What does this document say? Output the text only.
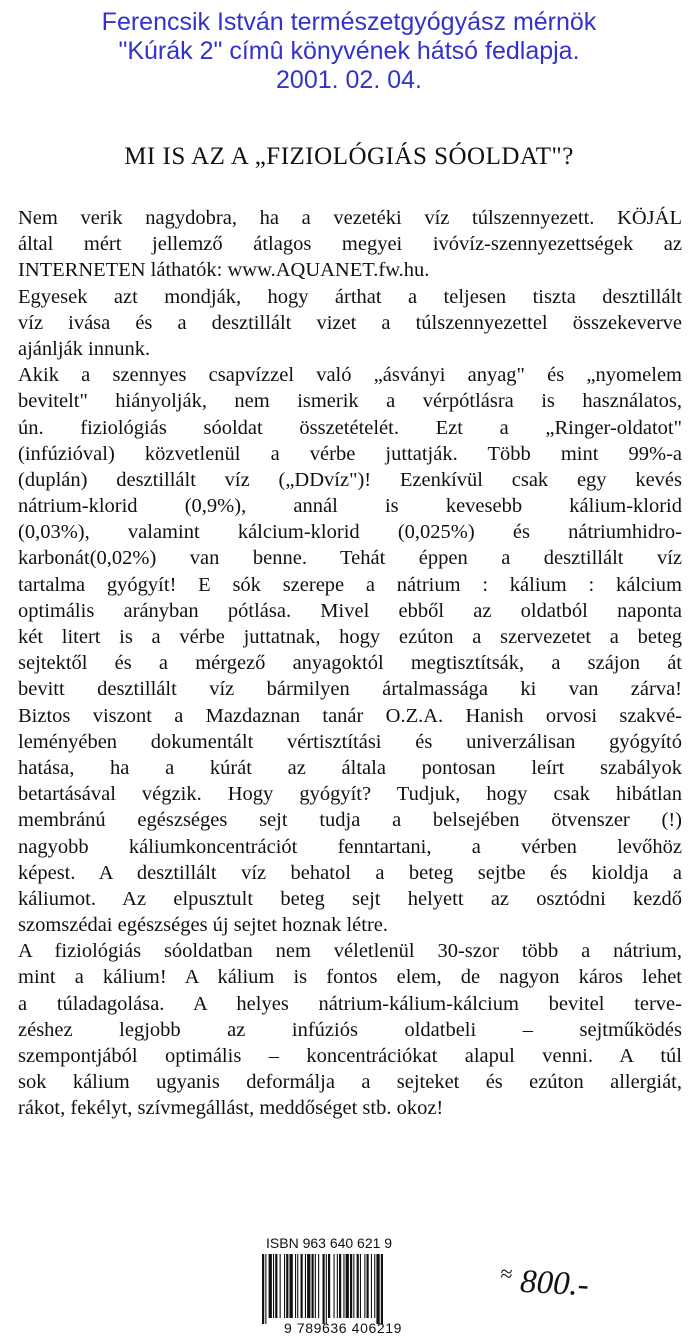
Ferencsik István természetgyógyász mérnök
"Kúrák 2" címû könyvének hátsó fedlapja.
2001. 02. 04.
MI IS AZ A „FIZIOLÓGIÁS SÓOLDAT"?
Nem verik nagydobra, ha a vezetéki víz túlszennyezett. KÖJÁL
által mért jellemző átlagos megyei ivóvíz-szennyezettségek az
INTERNETEN láthatók: www.AQUANET.fw.hu.
Egyesek azt mondják, hogy árthat a teljesen tiszta desztillált
víz ivása és a desztillált vizet a túlszennyezettel összekeverve
ajánlják innunk.
Akik a szennyes csapvízzel való „ásványi anyag" és „nyomelem
bevitelt" hiányolják, nem ismerik a vérpótlásra is használatos,
ún. fiziológiás sóoldat összetételét. Ezt a „Ringer-oldatot"
(infúzióval) közvetlenül a vérbe juttatják. Több mint 99%-a
(duplán) desztillált víz („DDvíz")! Ezenkívül csak egy kevés
nátrium-klorid (0,9%), annál is kevesebb kálium-klorid
(0,03%), valamint kálcium-klorid (0,025%) és nátriumhidro-
karbonát(0,02%) van benne. Tehát éppen a desztillált víz
tartalma gyógyít! E sók szerepe a nátrium : kálium : kálcium
optimális arányban pótlása. Mivel ebből az oldatból naponta
két litert is a vérbe juttatnak, hogy ezúton a szervezetet a beteg
sejtektől és a mérgező anyagoktól megtisztítsák, a szájon át
bevitt desztillált víz bármilyen ártalmassága ki van zárva!
Biztos viszont a Mazdaznan tanár O.Z.A. Hanish orvosi szakvé-
leményében dokumentált vértisztítási és univerzálisan gyógyító
hatása, ha a kúrát az általa pontosan leírt szabályok
betartásával végzik. Hogy gyógyít? Tudjuk, hogy csak hibátlan
membránú egészséges sejt tudja a belsejében ötvenszer (!)
nagyobb káliumkoncentrációt fenntartani, a vérben levőhöz
képest. A desztillált víz behatol a beteg sejtbe és kioldja a
káliumot. Az elpusztult beteg sejt helyett az osztódni kezdő
szomszédai egészséges új sejtet hoznak létre.
A fiziológiás sóoldatban nem véletlenül 30-szor több a nátrium,
mint a kálium! A kálium is fontos elem, de nagyon káros lehet
a túladagolása. A helyes nátrium-kálium-kálcium bevitel terve-
zéshez legjobb az infúziós oldatbeli – sejtműködés
szempontjából optimális – koncentrációkat alapul venni. A túl
sok kálium ugyanis deformálja a sejteket és ezúton allergiát,
rákot, fekélyt, szívmegállást, meddőséget stb. okoz!
ISBN 963 640 621 9
9 789636 406219
≈ 800.-
